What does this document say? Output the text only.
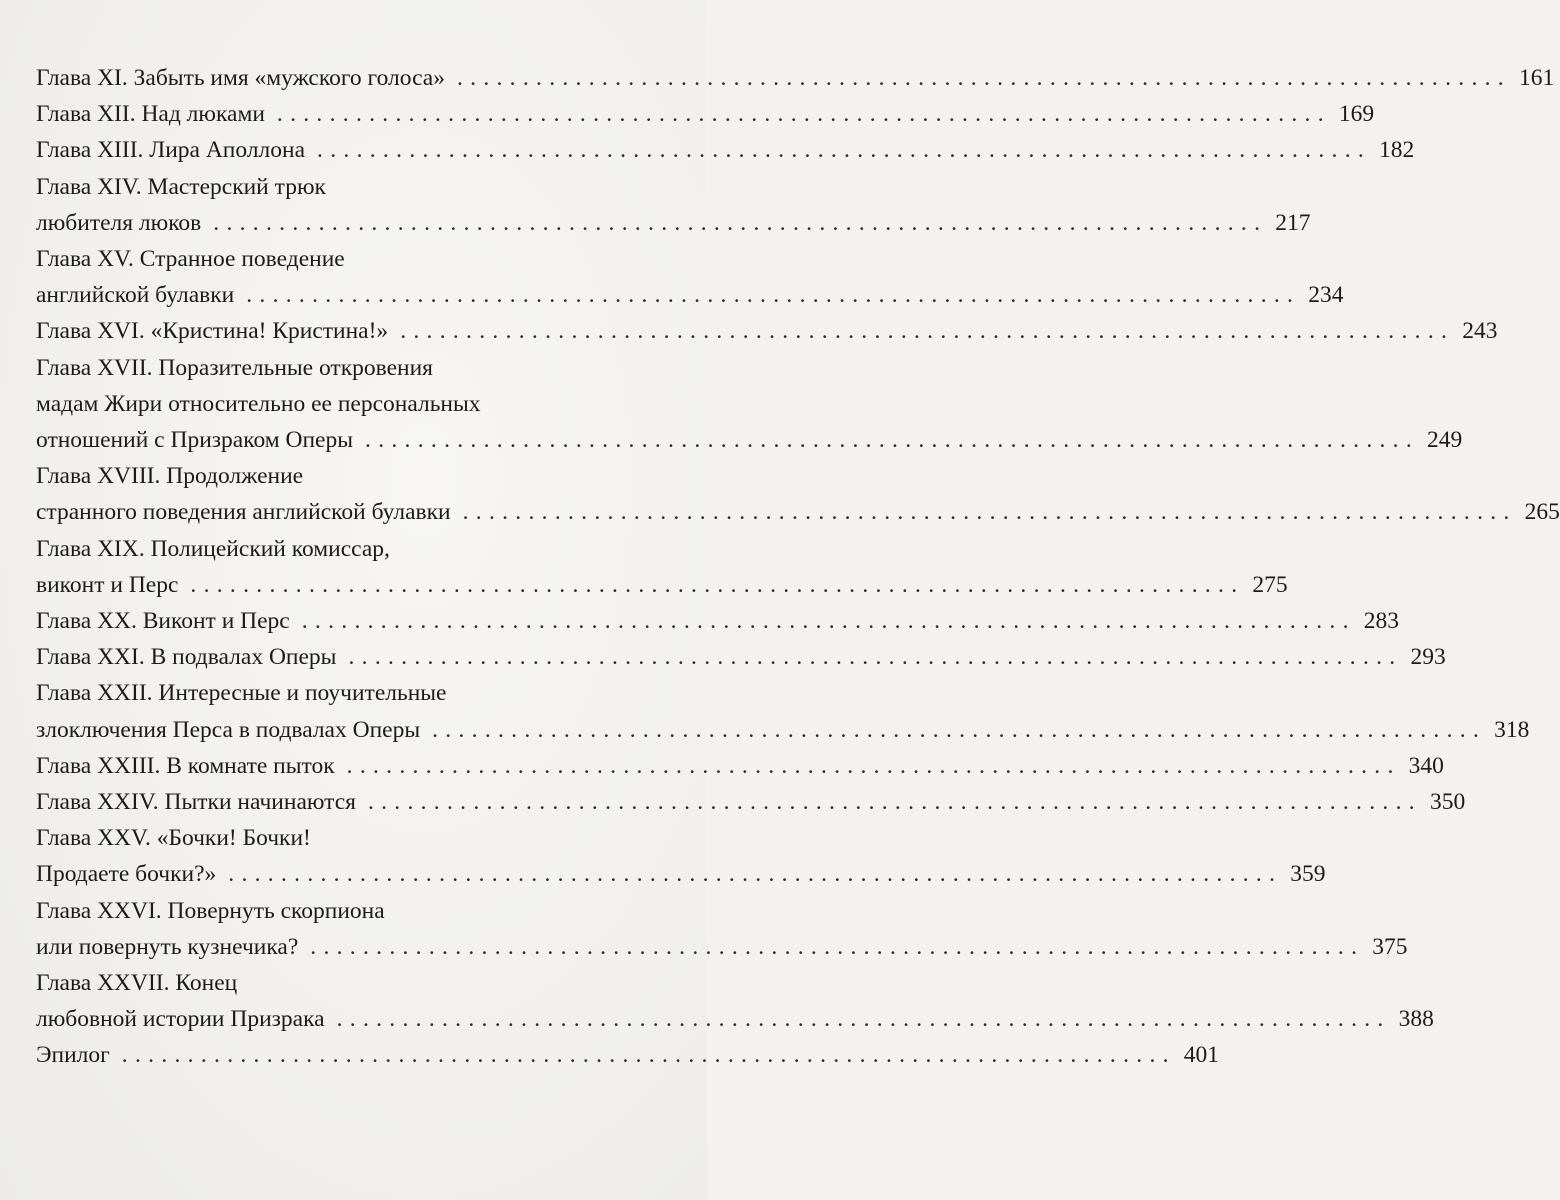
Глава XI. Забыть имя «мужского голоса» ................................................................................ 161
Глава XII. Над люками ................................................................................ 169
Глава XIII. Лира Аполлона ................................................................................ 182
Глава XIV. Мастерский трюк
любителя люков ................................................................................ 217
Глава XV. Странное поведение
английской булавки ................................................................................ 234
Глава XVI. «Кристина! Кристина!» ................................................................................ 243
Глава XVII. Поразительные откровения
мадам Жири относительно ее персональных
отношений с Призраком Оперы ................................................................................ 249
Глава XVIII. Продолжение
странного поведения английской булавки ................................................................................ 265
Глава XIX. Полицейский комиссар,
виконт и Перс ................................................................................ 275
Глава XX. Виконт и Перс ................................................................................ 283
Глава XXI. В подвалах Оперы ................................................................................ 293
Глава XXII. Интересные и поучительные
злоключения Перса в подвалах Оперы ................................................................................ 318
Глава XXIII. В комнате пыток ................................................................................ 340
Глава XXIV. Пытки начинаются ................................................................................ 350
Глава XXV. «Бочки! Бочки!
Продаете бочки?» ................................................................................ 359
Глава XXVI. Повернуть скорпиона
или повернуть кузнечика? ................................................................................ 375
Глава XXVII. Конец
любовной истории Призрака ................................................................................ 388
Эпилог ................................................................................ 401
